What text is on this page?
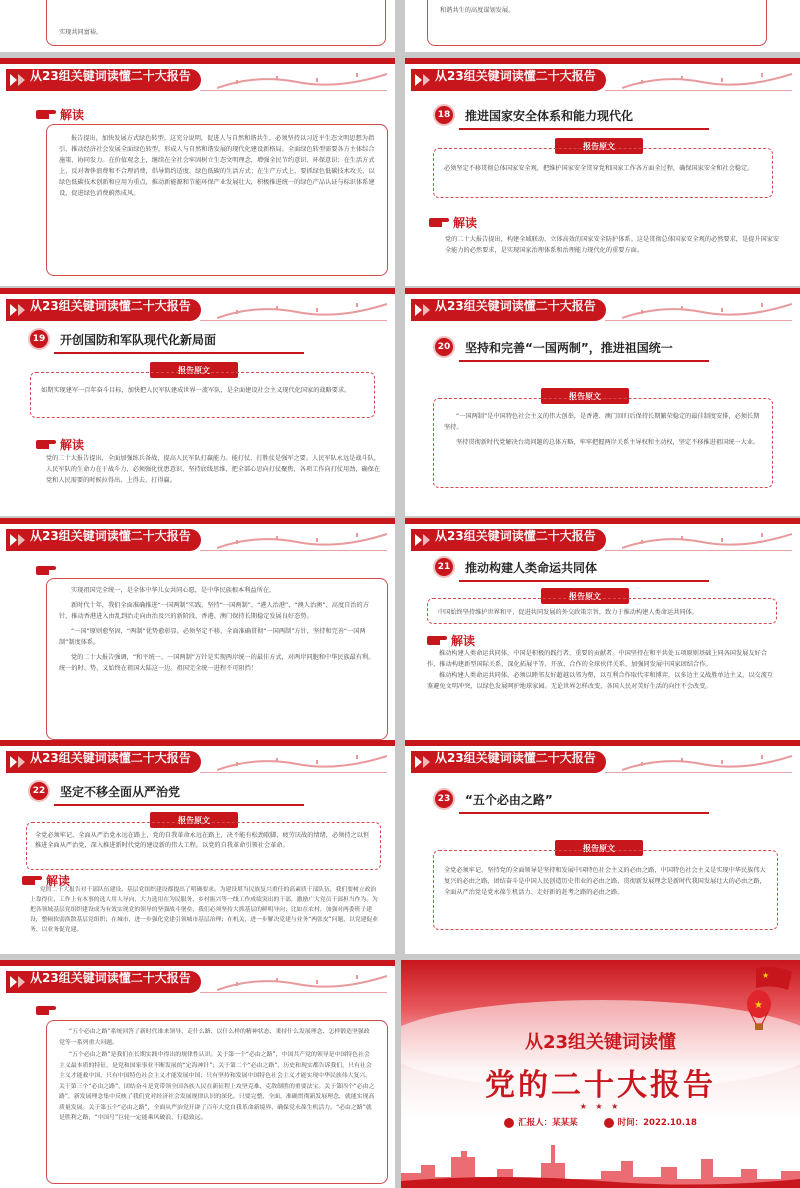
实现共同富裕。
和谐共生的高度谋划发展。
从23组关键词读懂二十大报告
解读
报告提出，加快发展方式绿色转型。这充分说明，促进人与自然和谐共生，必须坚持以习近平生态文明思想为指引，推动经济社会发展全面绿色转型，形成人与自然和谐发展的现代化建设新格局。全面绿色转型需要各方主体综合施策、协同发力。在价值观念上，继续在全社会牢固树立生态文明理念，增强全民节约意识、环保意识；在生活方式上，反对奢侈浪费和不合理消费，倡导简约适度、绿色低碳的生活方式；在生产方式上，要抓绿色低碳技术攻关，以绿色低碳技术创新和应用为重点，推动新能源和节能环保产业发展壮大，积极推进统一的绿色产品认证与标识体系建设，促进绿色消费蔚然成风。
从23组关键词读懂二十大报告
18	推进国家安全体系和能力现代化
报告原文
必须坚定不移贯彻总体国家安全观，把维护国家安全贯穿党和国家工作各方面全过程，确保国家安全和社会稳定。
解读
党的二十大报告提出，构建全域联动、立体高效的国家安全防护体系。这是贯彻总体国家安全观的必然要求，是提升国家安全能力的必然要求，是实现国家治理体系和治理能力现代化的重要方面。
从23组关键词读懂二十大报告
19	开创国防和军队现代化新局面
报告原文
如期实现建军一百年奋斗目标，加快把人民军队建成世界一流军队，是全面建设社会主义现代化国家的战略要求。
解读
党的二十大报告提出，全面加强练兵备战，提高人民军队打赢能力。能打仗、打胜仗是强军之要。人民军队永远是战斗队，人民军队的生命力在于战斗力，必须强化忧患意识，坚持底线思维，把全部心思向打仗聚焦，各项工作向打仗用劲，确保在党和人民需要的时候拉得出、上得去、打得赢。
从23组关键词读懂二十大报告
20	坚持和完善“一国两制”，推进祖国统一
报告原文
“一国两制”是中国特色社会主义的伟大创举，是香港、澳门回归后保持长期繁荣稳定的最佳制度安排，必须长期坚持。
坚持贯彻新时代党解决台湾问题的总体方略，牢牢把握两岸关系主导权和主动权，坚定不移推进祖国统一大业。
从23组关键词读懂二十大报告
实现祖国完全统一，是全体中华儿女共同心愿，是中华民族根本利益所在。
新时代十年，我们全面准确推进“一国两制”实践，坚持“一国两制”、“港人治港”、“澳人治澳”、高度自治的方针，推动香港进入由乱到治走向由治及兴的新阶段，香港、澳门保持长期稳定发展良好态势。
“一国”原则愈坚固，“两制”优势愈彰显。必须坚定不移、全面准确贯彻“一国两制”方针，坚持和完善“一国两制”制度体系。
党的二十大报告强调，“和平统一、一国两制”方针是实现两岸统一的最佳方式，对两岸同胞和中华民族最有利。统一的时、势、义始终在祖国大陆这一边。祖国完全统一进程不可阻挡！
从23组关键词读懂二十大报告
21	推动构建人类命运共同体
报告原文
中国始终坚持维护世界和平、促进共同发展的外交政策宗旨，致力于推动构建人类命运共同体。
解读
推动构建人类命运共同体，中国是积极的践行者、重要的贡献者。中国坚持在和平共处五项原则基础上同各国发展友好合作，推动构建新型国际关系，深化拓展平等、开放、合作的全球伙伴关系，加强同发展中国家团结合作。
推动构建人类命运共同体，必须以睦邻友好超越以邻为壑，以互利合作取代零和博弈，以多边主义战胜单边主义，以交流互鉴避免文明冲突，以绿色发展呵护地球家园。无论世界怎样改变，各国人民对美好生活的向往不会改变。
从23组关键词读懂二十大报告
22	坚定不移全面从严治党
报告原文
全党必须牢记，全面从严治党永远在路上，党的自我革命永远在路上，决不能有松劲歇脚、疲劳厌战的情绪，必须持之以恒推进全面从严治党，深入推进新时代党的建设新的伟大工程，以党的自我革命引领社会革命。
解读
党的二十大报告对干部队伍建设、基层党组织建设都提出了明确要求。为建设堪当民族复兴重任的高素质干部队伍，我们要树立政治上靠得住、工作上有本事的选人用人导向，大力选用在为民服务、乡村振兴等一线工作成绩突出的干部，激励广大党员干部担当作为。为把各领域基层党组织建设成为有效实现党的领导的坚强战斗堡垒，我们必须坚持大抓基层的鲜明导向；比如在农村，加强对两委班子建设，整顿软弱涣散基层党组织；在城市，进一步强化党建引领城市基层治理；在机关，进一步解决党建与业务“两张皮”问题，以党建促业务、以业务促党建。
从23组关键词读懂二十大报告
23	“五个必由之路”
报告原文
全党必须牢记，坚持党的全面领导是坚持和发展中国特色社会主义的必由之路，中国特色社会主义是实现中华民族伟大复兴的必由之路，团结奋斗是中国人民创造历史伟业的必由之路，贯彻新发展理念是新时代我国发展壮大的必由之路，全面从严治党是党永葆生机活力、走好新的赶考之路的必由之路。
从23组关键词读懂二十大报告
“五个必由之路”系统回答了新时代谁来领导、走什么路、以什么样的精神状态、秉持什么发展理念、怎样锻造坚强政党等一系列重大问题。
“五个必由之路”是我们在长期实践中得出的规律性认识。关于第一个“必由之路”，中国共产党的领导是中国特色社会主义最本质的特征，是党和国家事业不断发展的“定海神针”；关于第二个“必由之路”，历史和现实都告诉我们，只有社会主义才能救中国，只有中国特色社会主义才能发展中国；只有坚持和发展中国特色社会主义才能实现中华民族伟大复兴。关于第三个“必由之路”，团结奋斗是党带领全国各族人民在新征程上攻坚克难、克敌制胜的重要法宝。关于第四个“必由之路”，新发展理念集中反映了我们党对经济社会发展规律认识的深化。只要完整、全面、准确贯彻新发展理念，就能实现高质量发展。关于第五个“必由之路”，全面从严治党开辟了百年大党自我革命新境界，确保党永葆生机活力。“必由之路”就是胜利之路，“中国号”巨轮一定能乘风破浪、行稳致远。
★
★
从23组关键词读懂
党的二十大报告
★ ★ ★
汇报人：某某某	时间：2022.10.18
